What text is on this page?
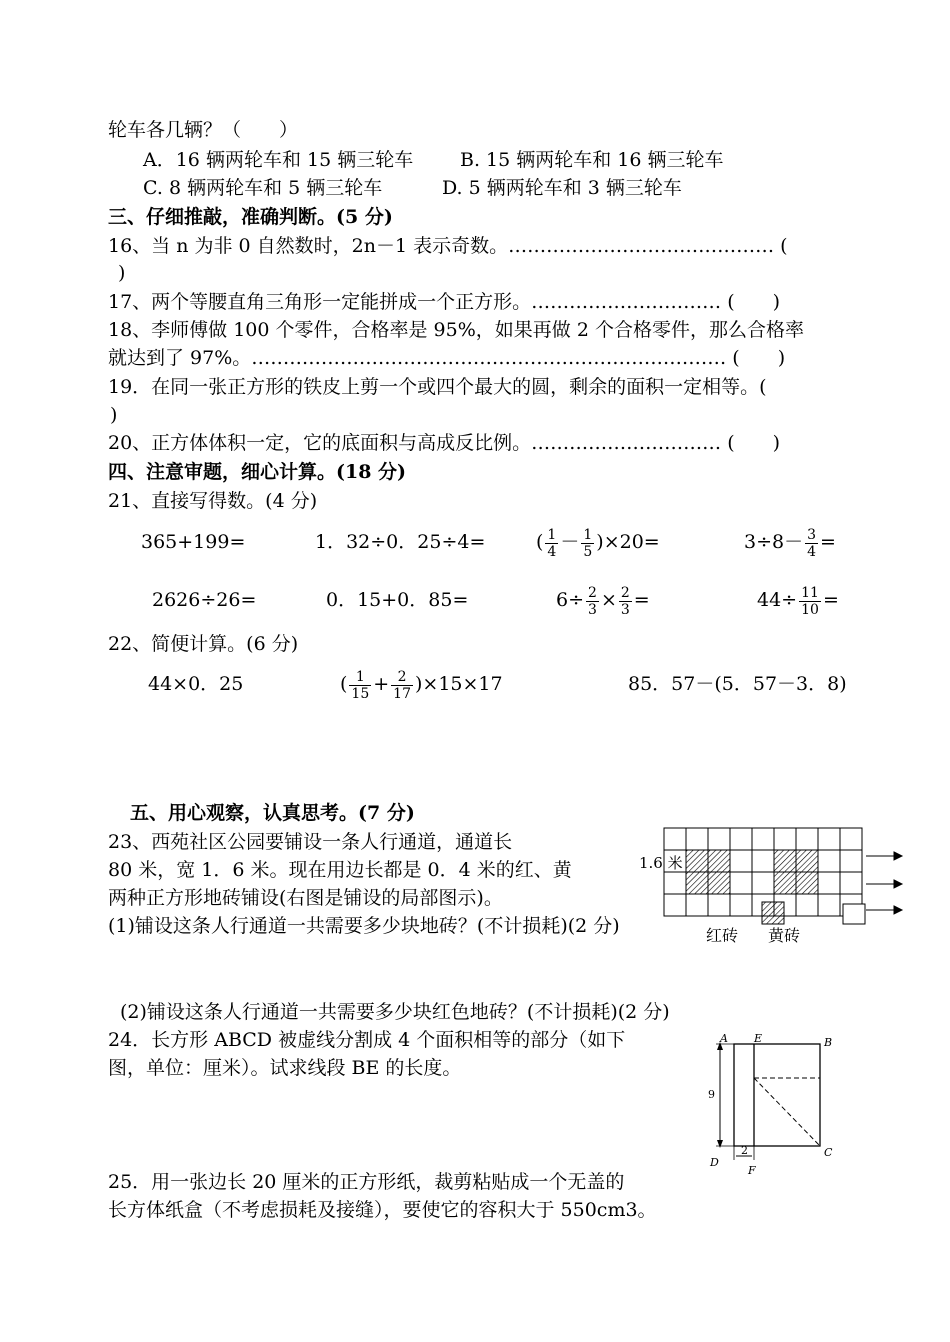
轮车各几辆？（　　）
A．16 辆两轮车和 15 辆三轮车 B. 15 辆两轮车和 16 辆三轮车
C. 8 辆两轮车和 5 辆三轮车	D. 5 辆两轮车和 3 辆三轮车
三、仔细推敲，准确判断。(5 分)
16、当 n 为非 0 自然数时，2n－1 表示奇数。…………………………………… (
)
17、两个等腰直角三角形一定能拼成一个正方形。………………………… (　　)
18、李师傅做 100 个零件，合格率是 95%，如果再做 2 个合格零件，那么合格率
就达到了 97%。………………………………………………………………… (　　)
19．在同一张正方形的铁皮上剪一个或四个最大的圆，剩余的面积一定相等。(
)
20、正方体体积一定，它的底面积与高成反比例。………………………… (　　)
四、注意审题，细心计算。(18 分)
21、直接写得数。(4 分)
365+199=	1．32÷0．25÷4=	( $\frac{1}{4} - \frac{1}{5} )\times 20=$	$3\div 8- \frac{3}{4}$ =
2626÷26=	0．15+0．85=	$6\div \frac{2}{3} \times \frac{2}{3}$ =	$44\div \frac{11}{10}$ =
22、简便计算。(6 分)
44×0．25	( $\frac{1}{15} + \frac{2}{17} )\times 15\times 17$	85．57－(5．57－3．8)
五、用心观察，认真思考。(7 分)
23、西苑社区公园要铺设一条人行通道，通道长
80 米，宽 1．6 米。现在用边长都是 0．4 米的红、黄
两种正方形地砖铺设(右图是铺设的局部图示)。
(1)铺设这条人行通道一共需要多少块地砖？(不计损耗)(2 分)
1.6 米
红砖 黄砖
(2)铺设这条人行通道一共需要多少块红色地砖？(不计损耗)(2 分)
24．长方形 ABCD 被虚线分割成 4 个面积相等的部分（如下
图，单位：厘米）。试求线段 BE 的长度。
A E	B
D
F
C
9
2
25．用一张边长 20 厘米的正方形纸，裁剪粘贴成一个无盖的
长方体纸盒（不考虑损耗及接缝），要使它的容积大于 550cm3。
